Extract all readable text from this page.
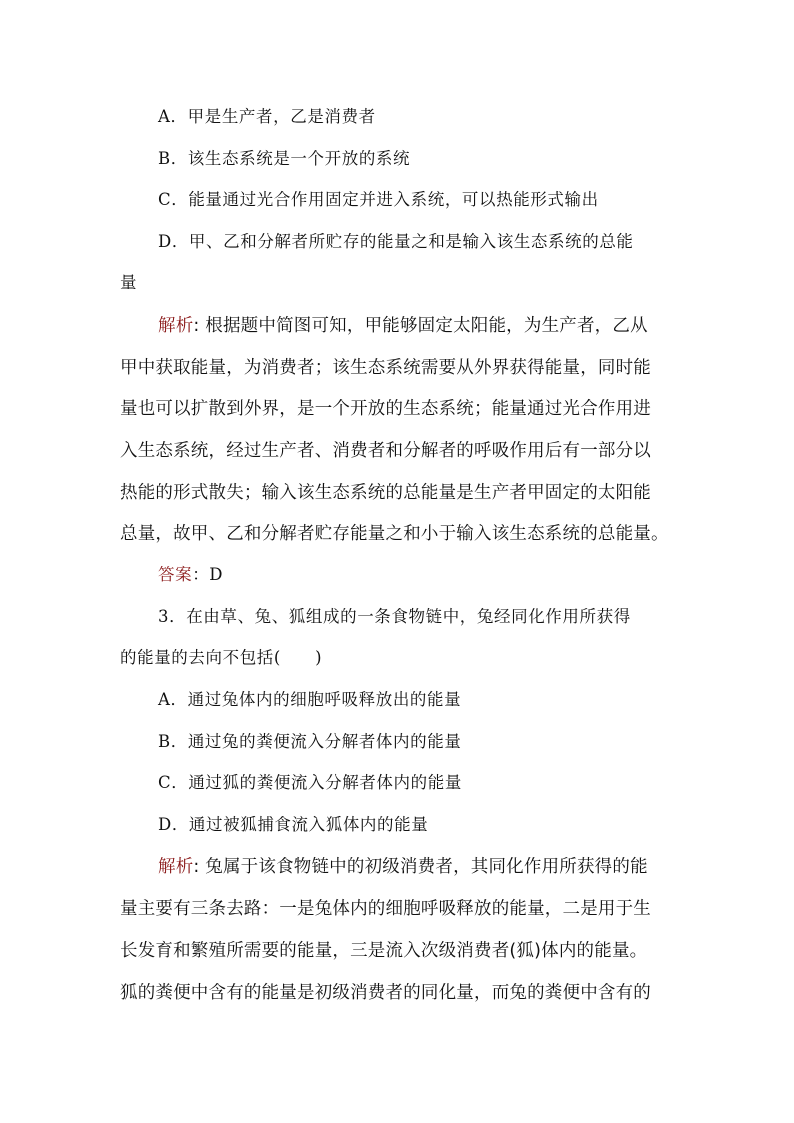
A．甲是生产者，乙是消费者
B．该生态系统是一个开放的系统
C．能量通过光合作用固定并进入系统，可以热能形式输出
D．甲、乙和分解者所贮存的能量之和是输入该生态系统的总能
量
解析: 根据题中简图可知，甲能够固定太阳能，为生产者，乙从
甲中获取能量，为消费者；该生态系统需要从外界获得能量，同时能
量也可以扩散到外界，是一个开放的生态系统；能量通过光合作用进
入生态系统，经过生产者、消费者和分解者的呼吸作用后有一部分以
热能的形式散失；输入该生态系统的总能量是生产者甲固定的太阳能
总量，故甲、乙和分解者贮存能量之和小于输入该生态系统的总能量。
答案：D
3．在由草、兔、狐组成的一条食物链中，兔经同化作用所获得
的能量的去向不包括(　　)
A．通过兔体内的细胞呼吸释放出的能量
B．通过兔的粪便流入分解者体内的能量
C．通过狐的粪便流入分解者体内的能量
D．通过被狐捕食流入狐体内的能量
解析: 兔属于该食物链中的初级消费者，其同化作用所获得的能
量主要有三条去路：一是兔体内的细胞呼吸释放的能量，二是用于生
长发育和繁殖所需要的能量，三是流入次级消费者(狐)体内的能量。
狐的粪便中含有的能量是初级消费者的同化量，而兔的粪便中含有的
